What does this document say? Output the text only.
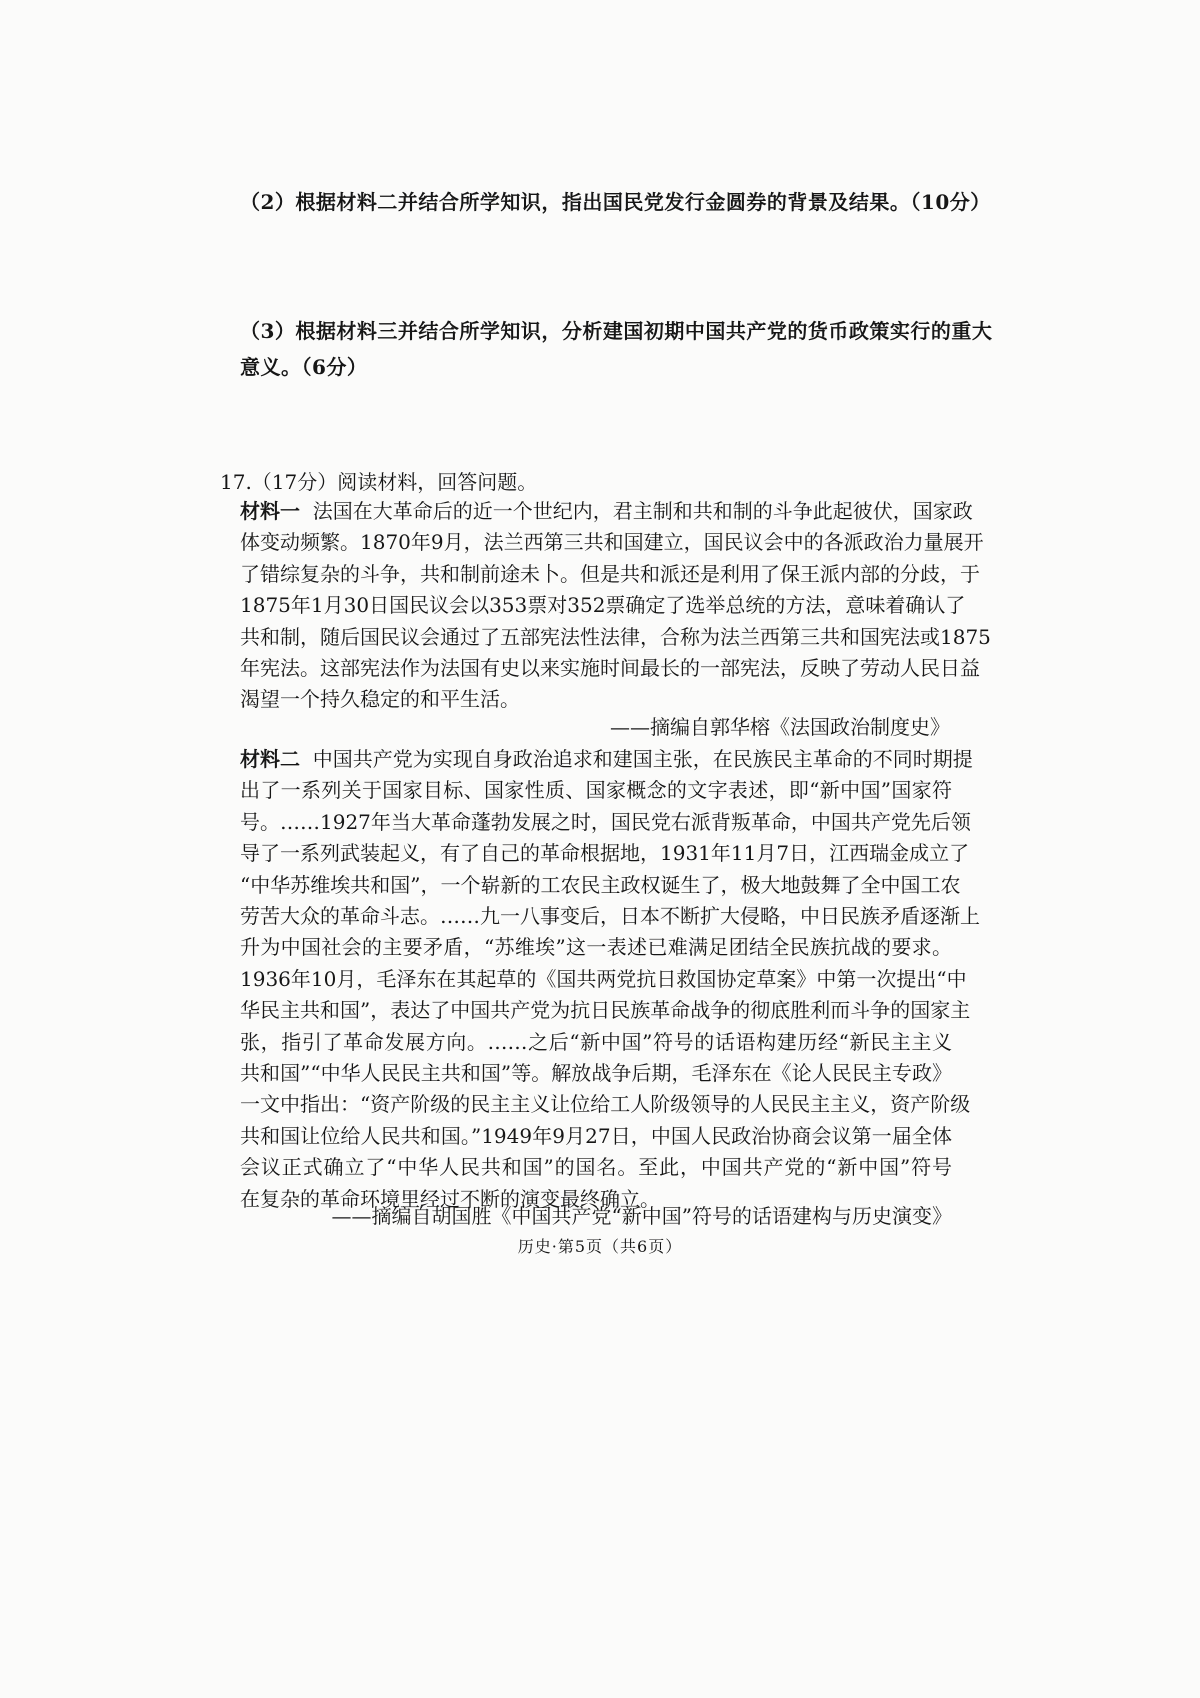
（2）根据材料二并结合所学知识，指出国民党发行金圆券的背景及结果。（10分）
（3）根据材料三并结合所学知识，分析建国初期中国共产党的货币政策实行的重大
意义。（6分）
17.（17分）阅读材料，回答问题。
材料一 法国在大革命后的近一个世纪内，君主制和共和制的斗争此起彼伏，国家政
体变动频繁。1870年9月，法兰西第三共和国建立，国民议会中的各派政治力量展开
了错综复杂的斗争，共和制前途未卜。但是共和派还是利用了保王派内部的分歧，于
1875年1月30日国民议会以353票对352票确定了选举总统的方法，意味着确认了
共和制，随后国民议会通过了五部宪法性法律，合称为法兰西第三共和国宪法或1875
年宪法。这部宪法作为法国有史以来实施时间最长的一部宪法，反映了劳动人民日益
渴望一个持久稳定的和平生活。
——摘编自郭华榕《法国政治制度史》
材料二 中国共产党为实现自身政治追求和建国主张，在民族民主革命的不同时期提
出了一系列关于国家目标、国家性质、国家概念的文字表述，即“新中国”国家符
号。……1927年当大革命蓬勃发展之时，国民党右派背叛革命，中国共产党先后领
导了一系列武装起义，有了自己的革命根据地，1931年11月7日，江西瑞金成立了
“中华苏维埃共和国”，一个崭新的工农民主政权诞生了，极大地鼓舞了全中国工农
劳苦大众的革命斗志。……九一八事变后，日本不断扩大侵略，中日民族矛盾逐渐上
升为中国社会的主要矛盾，“苏维埃”这一表述已难满足团结全民族抗战的要求。
1936年10月，毛泽东在其起草的《国共两党抗日救国协定草案》中第一次提出“中
华民主共和国”，表达了中国共产党为抗日民族革命战争的彻底胜利而斗争的国家主
张，指引了革命发展方向。……之后“新中国”符号的话语构建历经“新民主主义
共和国”“中华人民民主共和国”等。解放战争后期，毛泽东在《论人民民主专政》
一文中指出：“资产阶级的民主主义让位给工人阶级领导的人民民主主义，资产阶级
共和国让位给人民共和国。”1949年9月27日，中国人民政治协商会议第一届全体
会议正式确立了“中华人民共和国”的国名。至此，中国共产党的“新中国”符号
在复杂的革命环境里经过不断的演变最终确立。
——摘编自胡国胜《中国共产党“新中国”符号的话语建构与历史演变》
历史·第5页（共6页）
